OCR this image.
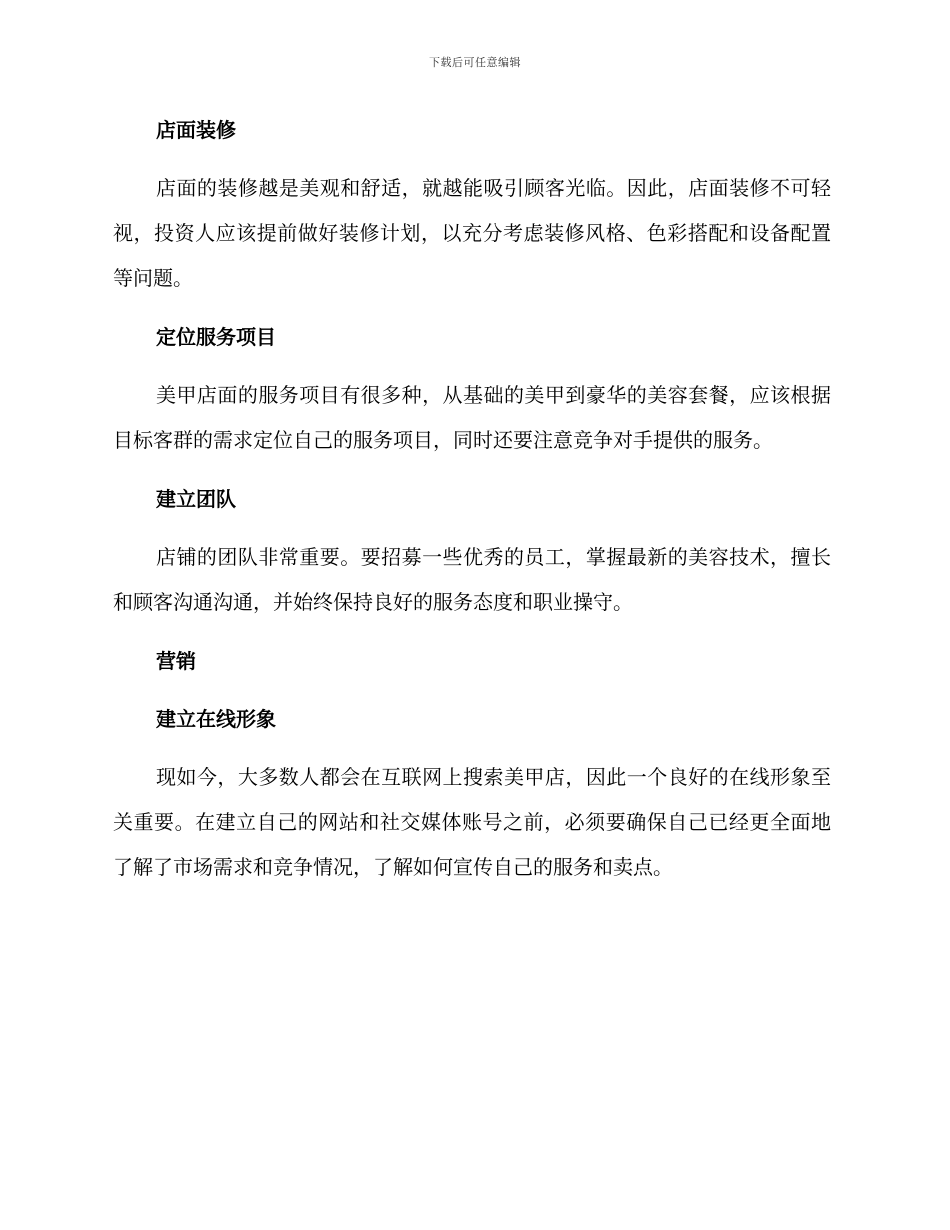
下载后可任意编辑
店面装修
店面的装修越是美观和舒适，就越能吸引顾客光临。因此，店面装修不可轻视，投资人应该提前做好装修计划，以充分考虑装修风格、色彩搭配和设备配置等问题。
定位服务项目
美甲店面的服务项目有很多种，从基础的美甲到豪华的美容套餐，应该根据目标客群的需求定位自己的服务项目，同时还要注意竞争对手提供的服务。
建立团队
店铺的团队非常重要。要招募一些优秀的员工，掌握最新的美容技术，擅长和顾客沟通沟通，并始终保持良好的服务态度和职业操守。
营销
建立在线形象
现如今，大多数人都会在互联网上搜索美甲店，因此一个良好的在线形象至关重要。在建立自己的网站和社交媒体账号之前，必须要确保自己已经更全面地了解了市场需求和竞争情况，了解如何宣传自己的服务和卖点。
